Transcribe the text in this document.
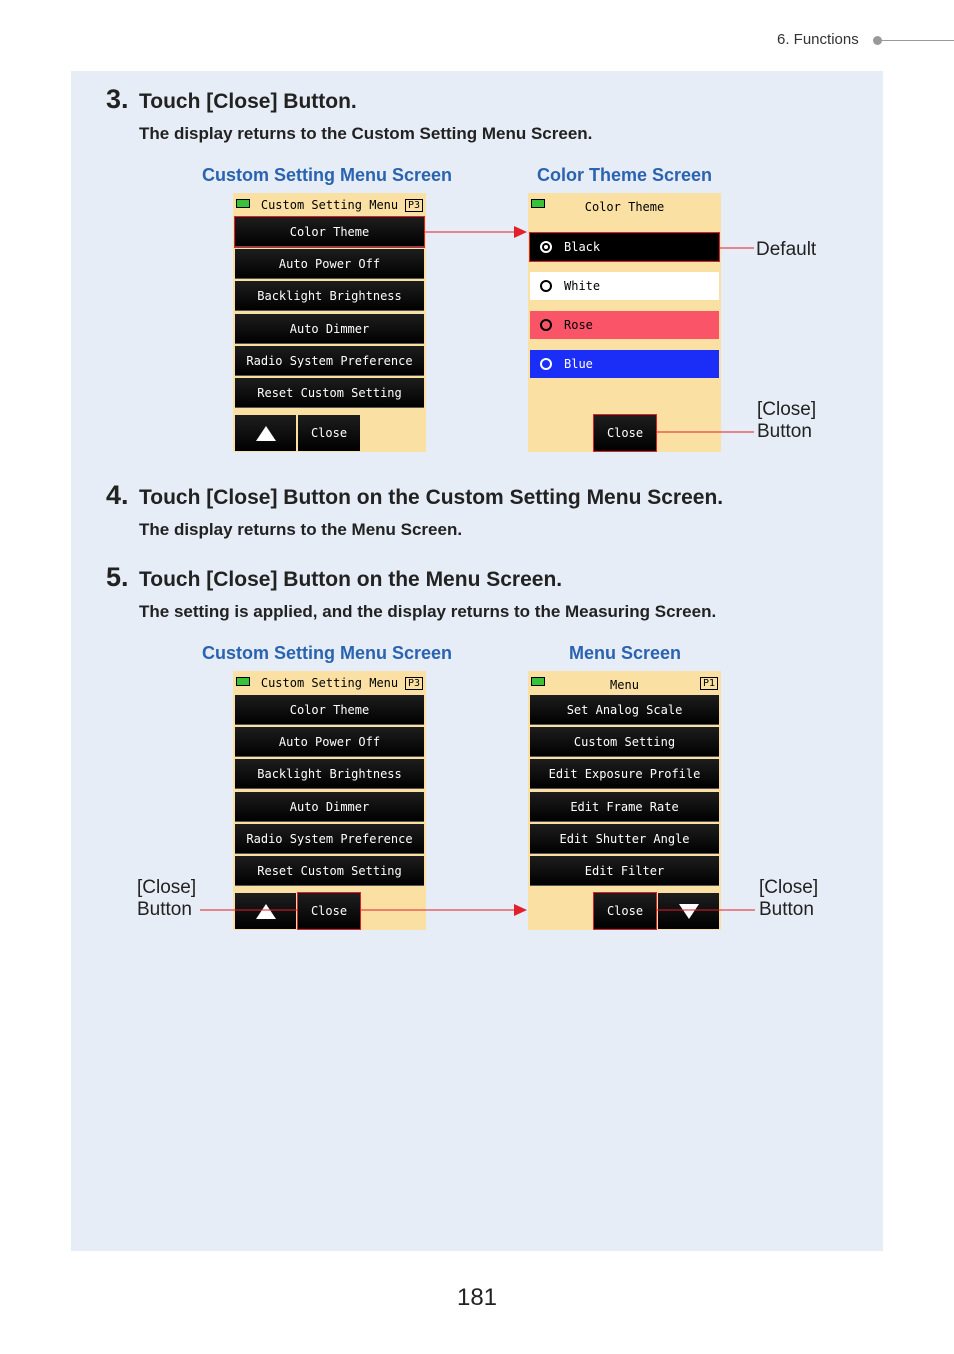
6. Functions
3. Touch [Close] Button.
The display returns to the Custom Setting Menu Screen.
Custom Setting Menu Screen	Color Theme Screen
Custom Setting Menu P3
Color Theme
Auto Power Off
Backlight Brightness
Auto Dimmer
Radio System Preference
Reset Custom Setting
Close
Color Theme
Black
White
Rose
Blue
Close
Default
[Close]
Button
4. Touch [Close] Button on the Custom Setting Menu Screen.
The display returns to the Menu Screen.
5. Touch [Close] Button on the Menu Screen.
The setting is applied, and the display returns to the Measuring Screen.
Custom Setting Menu Screen	Menu Screen
Custom Setting Menu P3
Color Theme
Auto Power Off
Backlight Brightness
Auto Dimmer
Radio System Preference
Reset Custom Setting
Close
Menu	P1
Set Analog Scale
Custom Setting
Edit Exposure Profile
Edit Frame Rate
Edit Shutter Angle
Edit Filter
Close
[Close]
Button
[Close]
Button
181
